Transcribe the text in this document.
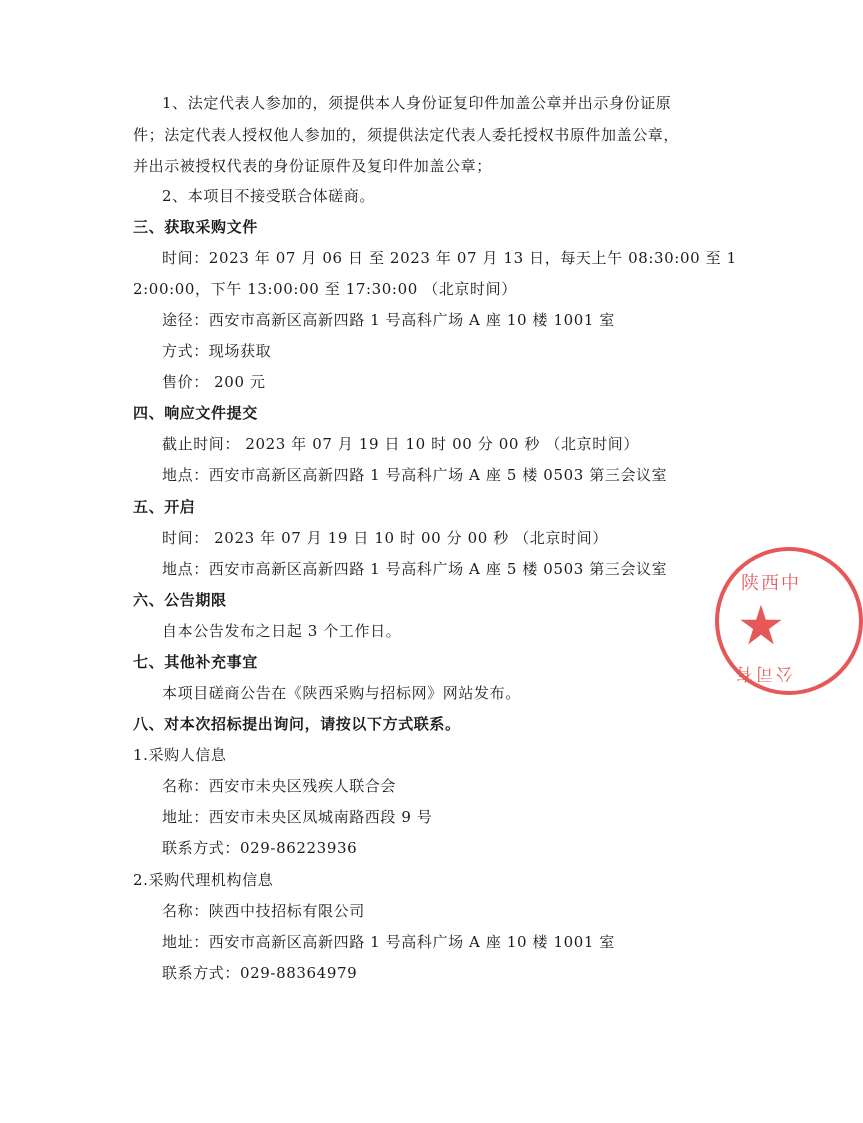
1、法定代表人参加的，须提供本人身份证复印件加盖公章并出示身份证原
件；法定代表人授权他人参加的，须提供法定代表人委托授权书原件加盖公章，
并出示被授权代表的身份证原件及复印件加盖公章；
2、本项目不接受联合体磋商。
三、获取采购文件
时间：2023 年 07 月 06 日 至 2023 年 07 月 13 日，每天上午 08:30:00 至 1
2:00:00，下午 13:00:00 至 17:30:00 （北京时间）
途径：西安市高新区高新四路 1 号高科广场 A 座 10 楼 1001 室
方式：现场获取
售价： 200 元
四、响应文件提交
截止时间： 2023 年 07 月 19 日 10 时 00 分 00 秒 （北京时间）
地点：西安市高新区高新四路 1 号高科广场 A 座 5 楼 0503 第三会议室
五、开启
时间： 2023 年 07 月 19 日 10 时 00 分 00 秒 （北京时间）
地点：西安市高新区高新四路 1 号高科广场 A 座 5 楼 0503 第三会议室
六、公告期限
自本公告发布之日起 3 个工作日。
七、其他补充事宜
本项目磋商公告在《陕西采购与招标网》网站发布。
八、对本次招标提出询问，请按以下方式联系。
1.采购人信息
名称：西安市未央区残疾人联合会
地址：西安市未央区凤城南路西段 9 号
联系方式：029-86223936
2.采购代理机构信息
名称：陕西中技招标有限公司
地址：西安市高新区高新四路 1 号高科广场 A 座 10 楼 1001 室
联系方式：029-88364979
陕西中
公司有
